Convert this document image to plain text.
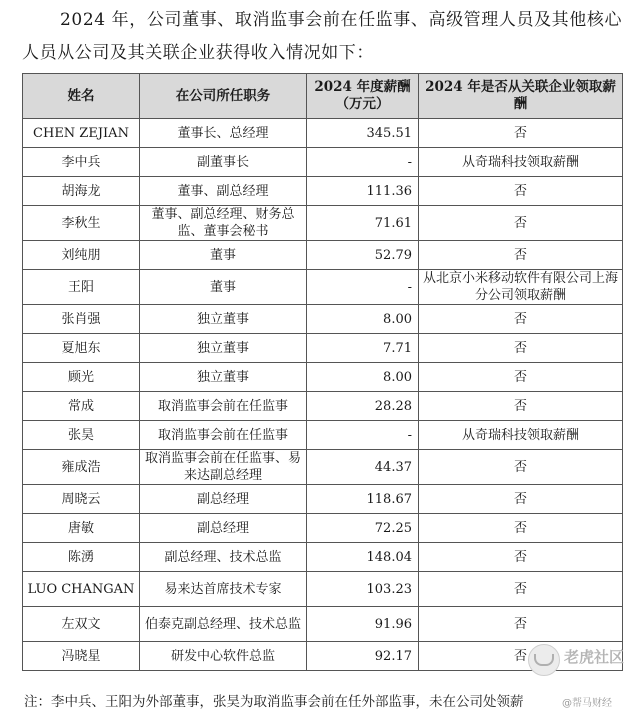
2024 年，公司董事、取消监事会前在任监事、高级管理人员及其他核心人员从公司及其关联企业获得收入情况如下：

姓名	在公司所任职务	2024 年度薪酬（万元）	2024 年是否从关联企业领取薪酬
CHEN ZEJIAN	董事长、总经理	345.51	否
李中兵	副董事长	-	从奇瑞科技领取薪酬
胡海龙	董事、副总经理	111.36	否
李秋生	董事、副总经理、财务总监、董事会秘书	71.61	否
刘纯朋	董事	52.79	否
王阳	董事	-	从北京小米移动软件有限公司上海分公司领取薪酬
张肖强	独立董事	8.00	否
夏旭东	独立董事	7.71	否
顾光	独立董事	8.00	否
常成	取消监事会前在任监事	28.28	否
张昊	取消监事会前在任监事	-	从奇瑞科技领取薪酬
雍成浩	取消监事会前在任监事、易来达副总经理	44.37	否
周晓云	副总经理	118.67	否
唐敏	副总经理	72.25	否
陈湧	副总经理、技术总监	148.04	否
LUO CHANGAN	易来达首席技术专家	103.23	否
左双文	伯泰克副总经理、技术总监	91.96	否
冯晓星	研发中心软件总监	92.17	否

注：李中兵、王阳为外部董事，张昊为取消监事会前在任外部监事，未在公司处领薪

老虎社区
@帮马财经
